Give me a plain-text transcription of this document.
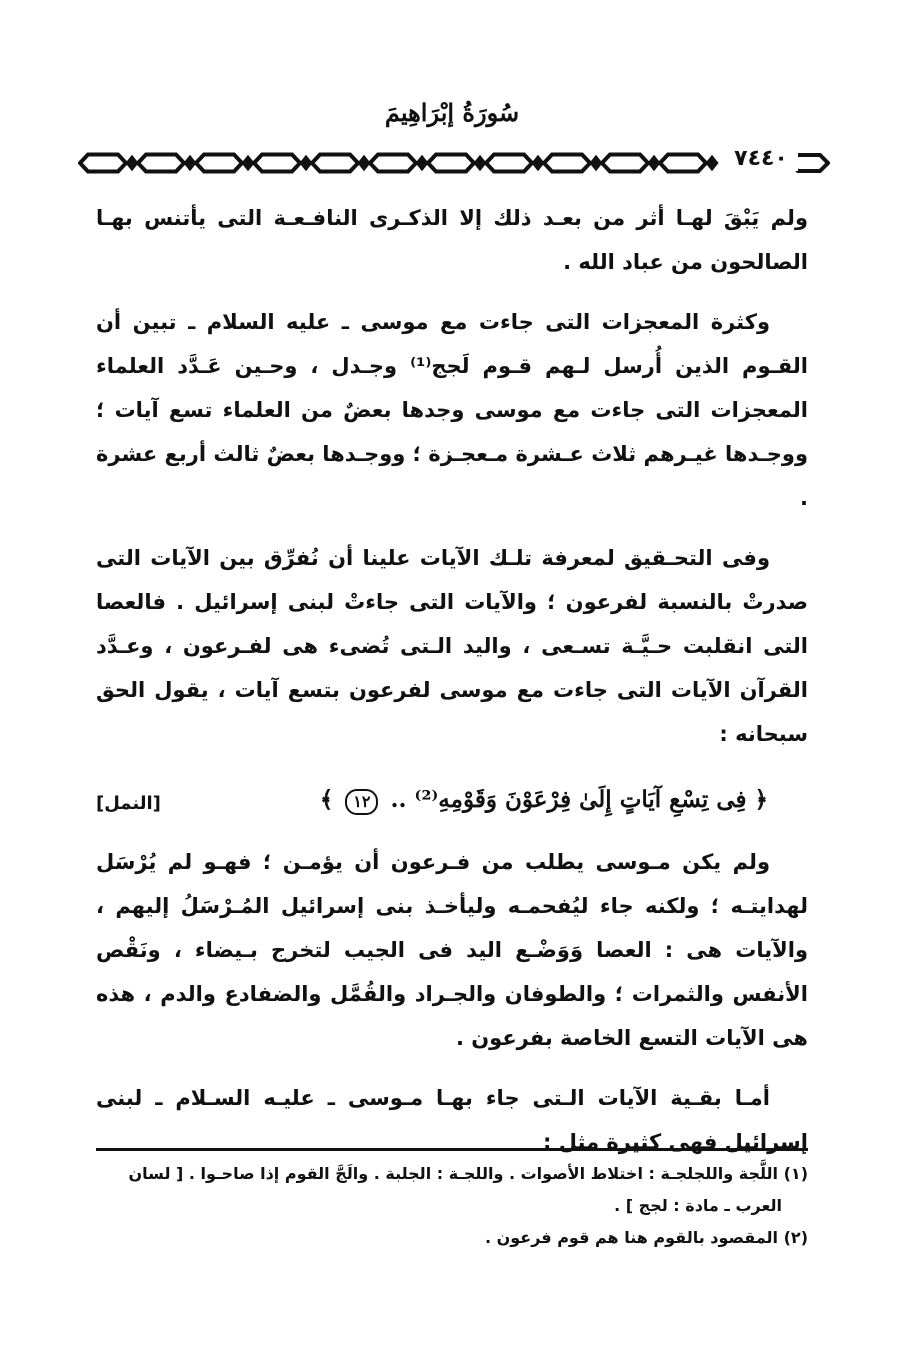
سُورَةُ إبْرَاهِيمَ
٧٤٤٠

ولم يَبْقَ لهـا أثر من بعـد ذلك إلا الذكـرى النافـعـة التى يأتنس بهـا الصالحون من عباد الله .

وكثرة المعجزات التى جاءت مع موسى ـ عليه السلام ـ تبين أن القـوم الذين أُرسل لـهم قـوم لَجج⁽¹⁾ وجـدل ، وحـين عَـدَّد العلماء المعجزات التى جاءت مع موسى وجدها بعضٌ من العلماء تسع آيات ؛ ووجـدها غيـرهم ثلاث عـشرة مـعجـزة ؛ ووجـدها بعضٌ ثالث أربع عشرة .

وفى التحـقيق لمعرفة تلـك الآيات علينا أن نُفرِّق بين الآيات التى صدرتْ بالنسبة لفرعون ؛ والآيات التى جاءتْ لبنى إسرائيل . فالعصا التى انقلبت حـيَّـة تسـعى ، واليد الـتى تُضىء هى لفـرعون ، وعـدَّد القرآن الآيات التى جاءت مع موسى لفرعون بتسع آيات ، يقول الحق سبحانه :

﴿ فِى تِسْعِ آيَاتٍ إِلَىٰ فِرْعَوْنَ وَقَوْمِهِ⁽²⁾ .. ١٢ ﴾
[النمل]

ولم يكن مـوسى يطلب من فـرعون أن يؤمـن ؛ فهـو لم يُرْسَل لهدايتـه ؛ ولكنه جاء ليُفحمـه وليأخـذ بنى إسرائيل المُـرْسَلُ إليهم ، والآيات هى : العصا وَوَضْـع اليد فى الجيب لتخرج بـيضاء ، ونَقْص الأنفس والثمرات ؛ والطوفان والجـراد والقُمَّل والضفادع والدم ، هذه هى الآيات التسع الخاصة بفرعون .

أمـا بقـية الآيات الـتى جاء بهـا مـوسى ـ عليـه السـلام ـ لبنى إسرائيل فهى كثيرة مثل :

(١) اللَّجة واللجلجـة : اختلاط الأصوات . واللجـة : الجلبة . والَجَّ القوم إذا صاحـوا . [ لسان
العرب ـ مادة : لجج ] .
(٢) المقصود بالقوم هنا هم قوم فرعون .
